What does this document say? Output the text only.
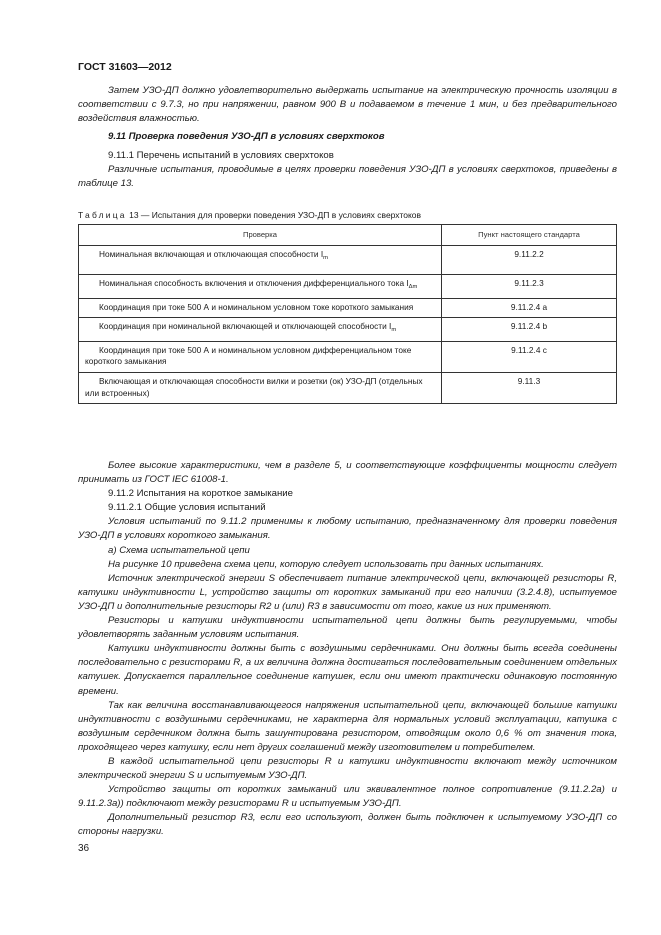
ГОСТ 31603—2012

Затем УЗО-ДП должно удовлетворительно выдержать испытание на электрическую прочность изоляции в соответствии с 9.7.3, но при напряжении, равном 900 В и подаваемом в течение 1 мин, и без предварительного воздействия влажностью.

9.11 Проверка поведения УЗО-ДП в условиях сверхтоков

9.11.1 Перечень испытаний в условиях сверхтоков

Различные испытания, проводимые в целях проверки поведения УЗО-ДП в условиях сверхтоков, приведены в таблице 13.

Таблица 13 — Испытания для проверки поведения УЗО-ДП в условиях сверхтоков
Проверка	Пункт настоящего стандарта
Номинальная включающая и отключающая способности $I_m$	9.11.2.2
Номинальная способность включения и отключения дифференциального тока $I_{\Delta m}$	9.11.2.3
Координация при токе 500 А и номинальном условном токе короткого замыкания	9.11.2.4 a
Координация при номинальной включающей и отключающей способности $I_m$	9.11.2.4 b
Координация при токе 500 А и номинальном условном дифференциальном токе короткого замыкания	9.11.2.4 c
Включающая и отключающая способности вилки и розетки (ок) УЗО-ДП (отдельных или встроенных)	9.11.3

Более высокие характеристики, чем в разделе 5, и соответствующие коэффициенты мощности следует принимать из ГОСТ IEC 61008-1.

9.11.2 Испытания на короткое замыкание

9.11.2.1 Общие условия испытаний

Условия испытаний по 9.11.2 применимы к любому испытанию, предназначенному для проверки поведения УЗО-ДП в условиях короткого замыкания.

а) Схема испытательной цепи

На рисунке 10 приведена схема цепи, которую следует использовать при данных испытаниях.

Источник электрической энергии S обеспечивает питание электрической цепи, включающей резисторы R, катушки индуктивности L, устройство защиты от коротких замыканий при его наличии (3.2.4.8), испытуемое УЗО-ДП и дополнительные резисторы R2 и (или) R3 в зависимости от того, какие из них применяют.

Резисторы и катушки индуктивности испытательной цепи должны быть регулируемыми, чтобы удовлетворять заданным условиям испытания.

Катушки индуктивности должны быть с воздушными сердечниками. Они должны быть всегда соединены последовательно с резисторами R, а их величина должна достигаться последовательным соединением отдельных катушек. Допускается параллельное соединение катушек, если они имеют практически одинаковую постоянную времени.

Так как величина восстанавливающегося напряжения испытательной цепи, включающей большие катушки индуктивности с воздушными сердечниками, не характерна для нормальных условий эксплуатации, катушка с воздушным сердечником должна быть зашунтирована резистором, отводящим около 0,6 % от значения тока, проходящего через катушку, если нет других соглашений между изготовителем и потребителем.

В каждой испытательной цепи резисторы R и катушки индуктивности включают между источником электрической энергии S и испытуемым УЗО-ДП.

Устройство защиты от коротких замыканий или эквивалентное полное сопротивление (9.11.2.2а) и 9.11.2.3а)) подключают между резисторами R и испытуемым УЗО-ДП.

Дополнительный резистор R3, если его используют, должен быть подключен к испытуемому УЗО-ДП со стороны нагрузки.

36
